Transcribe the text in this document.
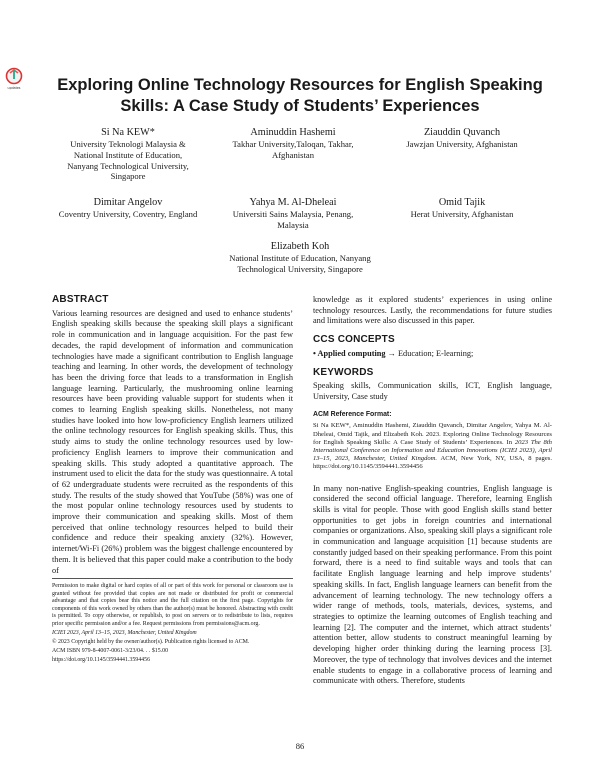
updates	Exploring Online Technology Resources for English Speaking Skills: A Case Study of Students’ Experiences
Si Na KEW*
University Teknologi Malaysia & National Institute of Education, Nanyang Technological University, Singapore
Aminuddin Hashemi
Takhar University,Taloqan, Takhar, Afghanistan
Ziauddin Quvanch
Jawzjan University, Afghanistan
Dimitar Angelov
Coventry University, Coventry, England
Yahya M. Al-Dheleai
Universiti Sains Malaysia, Penang, Malaysia
Omid Tajik
Herat University, Afghanistan
Elizabeth Koh
National Institute of Education, Nanyang Technological University, Singapore
ABSTRACT

Various learning resources are designed and used to enhance students’ English speaking skills because the speaking skill plays a significant role in communication and in language acquisition. For the past few decades, the rapid development of information and communication technologies have made a significant contribution to English language teaching and learning. In other words, the development of technology has been the driving force that leads to a transformation in English language learning. Particularly, the mushrooming online learning resources have been providing valuable support for students when it comes to learning English speaking skills. Nonetheless, not many studies have looked into how low-proficiency English learners utilized the online technology resources for English speaking skills. Thus, this study aims to study the online technology resources used by low-proficiency English learners to improve their communication and speaking skills. This study adopted a quantitative approach. The instrument used to elicit the data for the study was questionnaire. A total of 62 undergraduate students were recruited as the respondents of this study. The results of the study showed that YouTube (58%) was one of the most popular online technology resources used by students to improve their communication and speaking skills. Most of them perceived that online technology resources helped to build their confidence and reduce their speaking anxiety (32%). However, internet/Wi-Fi (26%) problem was the biggest challenge encountered by them. It is believed that this paper could make a contribution to the body of

Permission to make digital or hard copies of all or part of this work for personal or classroom use is granted without fee provided that copies are not made or distributed for profit or commercial advantage and that copies bear this notice and the full citation on the first page. Copyrights for components of this work owned by others than the author(s) must be honored. Abstracting with credit is permitted. To copy otherwise, or republish, to post on servers or to redistribute to lists, requires prior specific permission and/or a fee. Request permissions from permissions@acm.org.

ICIEI 2023, April 13–15, 2023, Manchester, United Kingdom

© 2023 Copyright held by the owner/author(s). Publication rights licensed to ACM.

ACM ISBN 979-8-4007-0061-3/23/04. . . $15.00

https://doi.org/10.1145/3594441.3594456

knowledge as it explored students’ experiences in using online technology resources. Lastly, the recommendations for future studies and limitations were also discussed in this paper.

CCS CONCEPTS

• Applied computing → Education; E-learning;

KEYWORDS

Speaking skills, Communication skills, ICT, English language, University, Case study

ACM Reference Format:

Si Na KEW*, Aminuddin Hashemi, Ziauddin Quvanch, Dimitar Angelov, Yahya M. Al-Dheleai, Omid Tajik, and Elizabeth Koh. 2023. Exploring Online Technology Resources for English Speaking Skills: A Case Study of Students’ Experiences. In 2023 The 8th International Conference on Information and Education Innovations (ICIEI 2023), April 13–15, 2023, Manchester, United Kingdom. ACM, New York, NY, USA, 8 pages. https://doi.org/10.1145/3594441.3594456

In many non-native English-speaking countries, English language is considered the second official language. Therefore, learning English skills is vital for people. Those with good English skills stand better opportunities to get jobs in foreign countries and international companies or organizations. Also, speaking skill plays a significant role in communication and language acquisition [1] because students are constantly judged based on their speaking performance. From this point forward, there is a need to find suitable ways and tools that can facilitate English language learning and help improve students’ speaking skills. In fact, English language learners can benefit from the advancement of learning technology. The new technology offers a wider range of methods, tools, materials, devices, systems, and strategies to optimize the learning outcomes of English teaching and learning [2]. The computer and the internet, which attract students’ attention better, allow students to construct meaningful learning by developing higher order thinking during the learning process [3]. Moreover, the type of technology that involves devices and the internet enable students to engage in a collaborative process of learning and communicate with others. Therefore, students

86
